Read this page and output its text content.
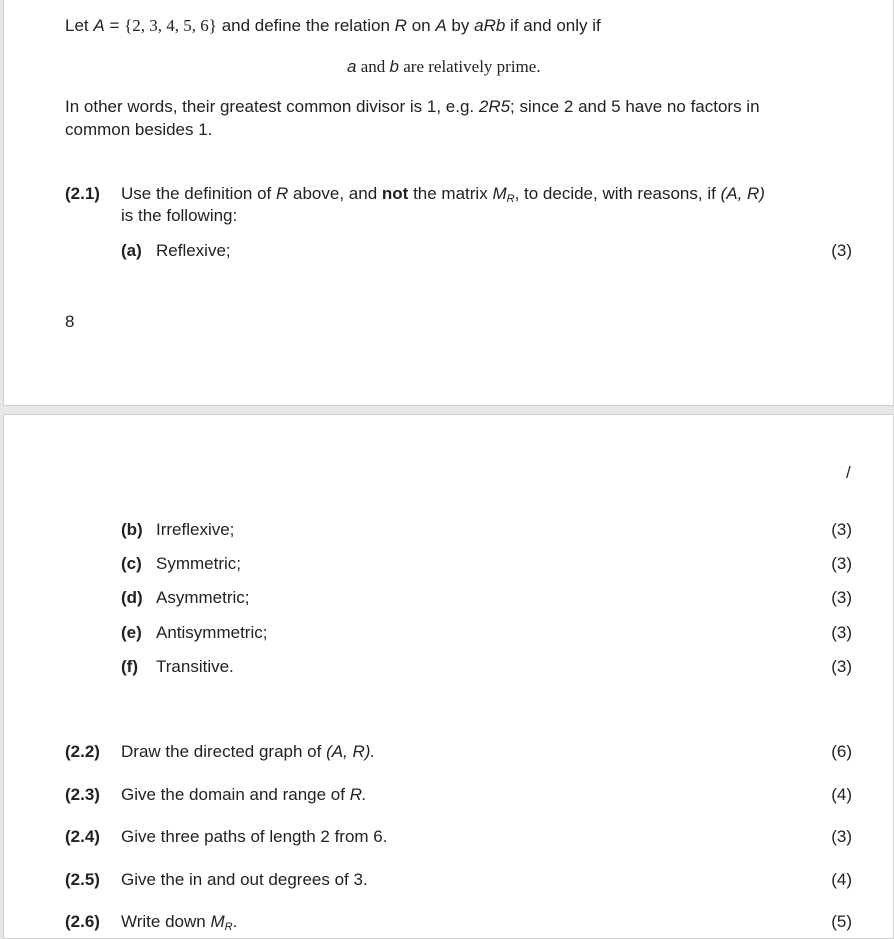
Let A = {2, 3, 4, 5, 6} and define the relation R on A by aRb if and only if
a and b are relatively prime.
In other words, their greatest common divisor is 1, e.g. 2R5; since 2 and 5 have no factors in
common besides 1.
(2.1) Use the definition of R above, and not the matrix $M_R$, to decide, with reasons, if (A, R)
is the following:
(a) Reflexive;	(3)
8
/
(b) Irreflexive;	(3)
(c) Symmetric;	(3)
(d) Asymmetric;	(3)
(e) Antisymmetric;	(3)
(f) Transitive.	(3)
(2.2) Draw the directed graph of (A, R).	(6)
(2.3) Give the domain and range of R.	(4)
(2.4) Give three paths of length 2 from 6.	(3)
(2.5) Give the in and out degrees of 3.	(4)
(2.6) Write down $M_R$.	(5)
